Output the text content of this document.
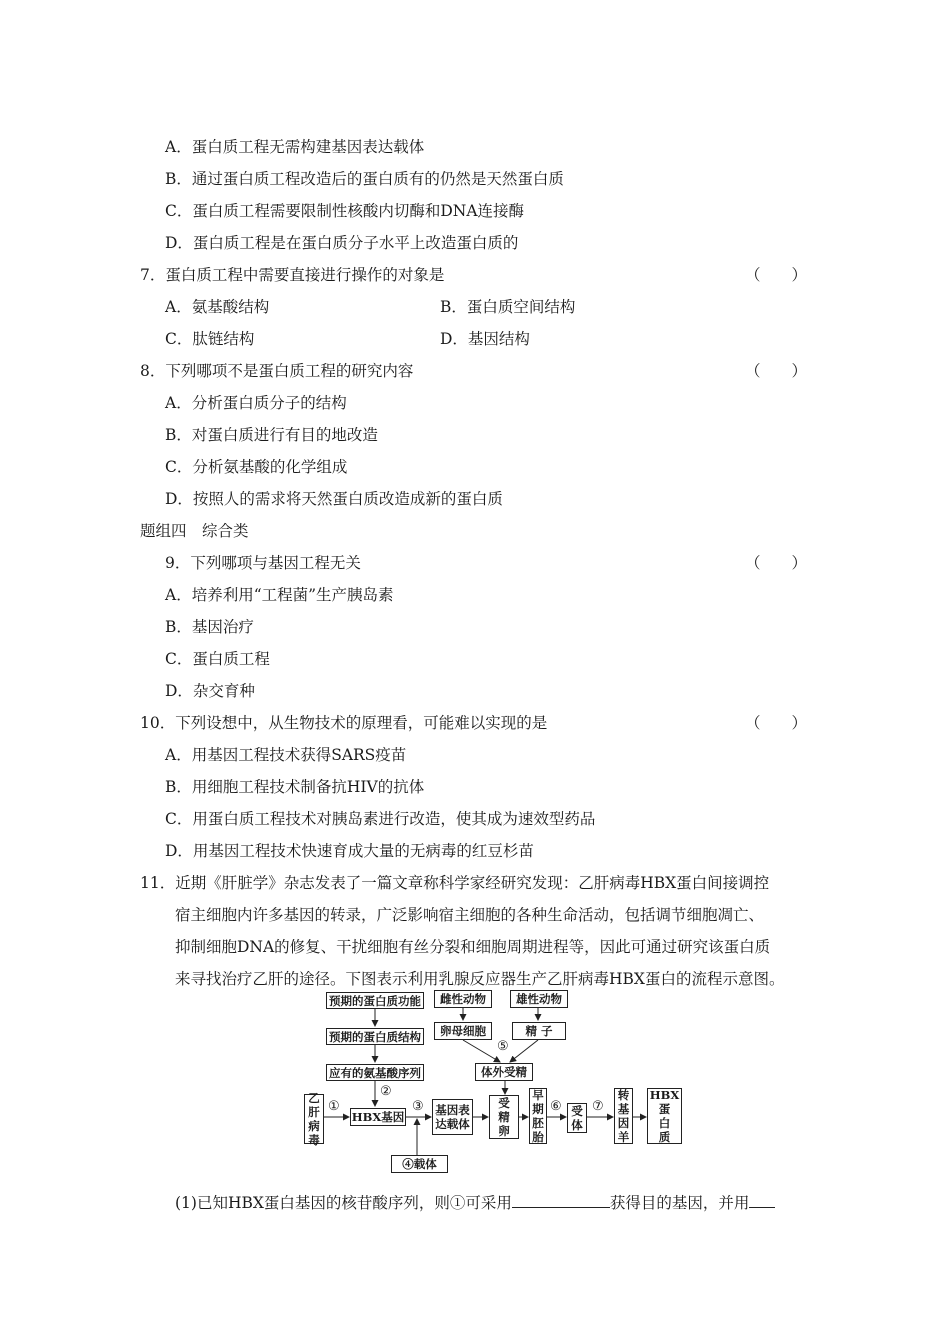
A．蛋白质工程无需构建基因表达载体
B．通过蛋白质工程改造后的蛋白质有的仍然是天然蛋白质
C．蛋白质工程需要限制性核酸内切酶和DNA连接酶
D．蛋白质工程是在蛋白质分子水平上改造蛋白质的
7．蛋白质工程中需要直接进行操作的对象是	（　　）
A．氨基酸结构	B．蛋白质空间结构
C．肽链结构	D．基因结构
8．下列哪项不是蛋白质工程的研究内容	（　　）
A．分析蛋白质分子的结构
B．对蛋白质进行有目的地改造
C．分析氨基酸的化学组成
D．按照人的需求将天然蛋白质改造成新的蛋白质
题组四　综合类
9．下列哪项与基因工程无关	（　　）
A．培养利用“工程菌”生产胰岛素
B．基因治疗
C．蛋白质工程
D．杂交育种
10．下列设想中，从生物技术的原理看，可能难以实现的是	（　　）
A．用基因工程技术获得SARS疫苗
B．用细胞工程技术制备抗HIV的抗体
C．用蛋白质工程技术对胰岛素进行改造，使其成为速效型药品
D．用基因工程技术快速育成大量的无病毒的红豆杉苗
11．近期《肝脏学》杂志发表了一篇文章称科学家经研究发现：乙肝病毒HBX蛋白间接调控
宿主细胞内许多基因的转录，广泛影响宿主细胞的各种生命活动，包括调节细胞凋亡、
抑制细胞DNA的修复、干扰细胞有丝分裂和细胞周期进程等，因此可通过研究该蛋白质
来寻找治疗乙肝的途径。下图表示利用乳腺反应器生产乙肝病毒HBX蛋白的流程示意图。
预期的蛋白质功能
预期的蛋白质结构
应有的氨基酸序列
雌性动物	雄性动物
卵母细胞	精 子
⑤
体外受精
乙
肝
病
毒
①
②
HBX基因
③ 基因表
达载体
受
精
卵
早
期
胚
胎
⑥ 受
体
⑦
转
基
因
羊
HBX
蛋
白
质
④载体
(1)已知HBX蛋白基因的核苷酸序列，则①可采用	获得目的基因，并用
